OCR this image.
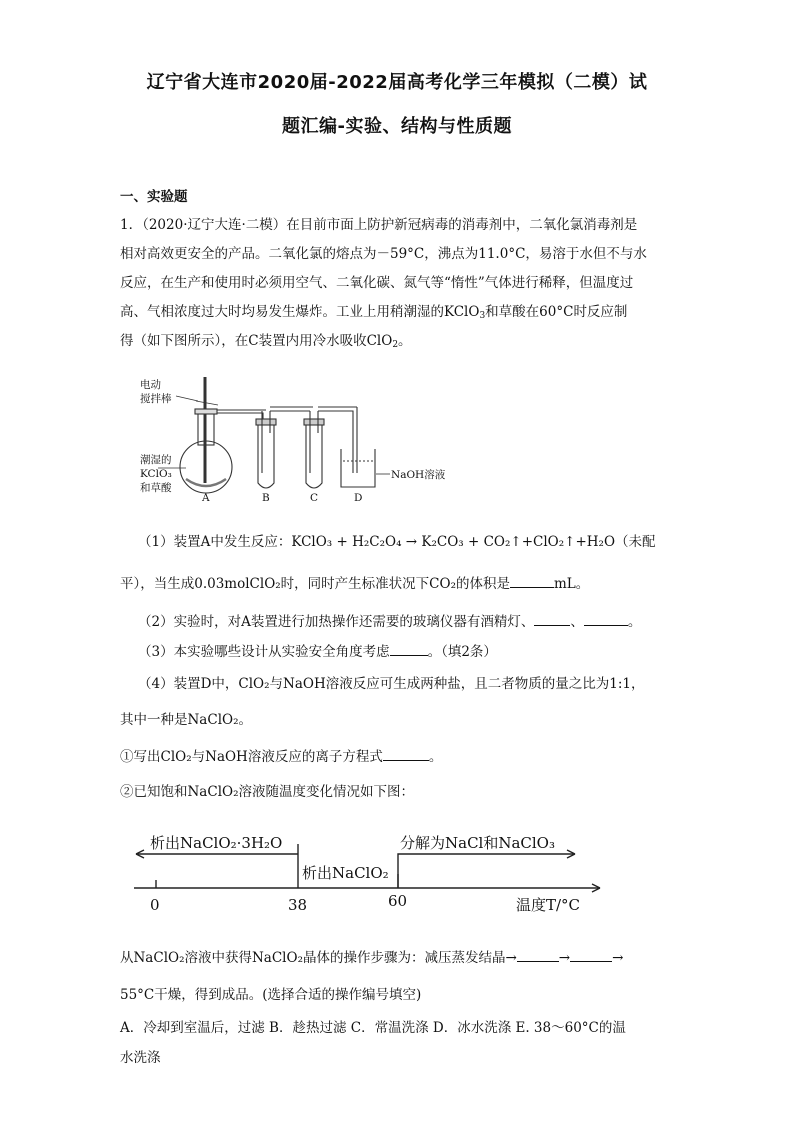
辽宁省大连市2020届-2022届高考化学三年模拟（二模）试
题汇编-实验、结构与性质题
一、实验题
1．（2020·辽宁大连·二模）在目前市面上防护新冠病毒的消毒剂中，二氧化氯消毒剂是
相对高效更安全的产品。二氧化氯的熔点为－59°C，沸点为11.0°C，易溶于水但不与水
反应，在生产和使用时必须用空气、二氧化碳、氮气等“惰性”气体进行稀释，但温度过
高、气相浓度过大时均易发生爆炸。工业上用稍潮湿的KClO$_3$和草酸在60°C时反应制
得（如下图所示），在C装置内用冷水吸收ClO$_2$。
电动
搅拌棒
潮湿的
KClO₃
和草酸
A	B	C	D
NaOH溶液
（1）装置A中发生反应：KClO₃ + H₂C₂O₄ → K₂CO₃ + CO₂↑+ClO₂↑+H₂O（未配
平），当生成0.03molClO₂时，同时产生标准状况下CO₂的体积是	mL。
（2）实验时，对A装置进行加热操作还需要的玻璃仪器有酒精灯、	、	。
（3）本实验哪些设计从实验安全角度考虑	。（填2条）
（4）装置D中，ClO₂与NaOH溶液反应可生成两种盐，且二者物质的量之比为1:1，
其中一种是NaClO₂。
①写出ClO₂与NaOH溶液反应的离子方程式	。
②已知饱和NaClO₂溶液随温度变化情况如下图：
析出NaClO₂·3H₂O
析出NaClO₂
分解为NaCl和NaClO₃
0	38	60	温度T/°C
从NaClO₂溶液中获得NaClO₂晶体的操作步骤为：减压蒸发结晶→	→	→
55°C干燥，得到成品。(选择合适的操作编号填空)
A．冷却到室温后，过滤 B．趁热过滤 C．常温洗涤 D．冰水洗涤 E. 38～60°C的温
水洗涤
